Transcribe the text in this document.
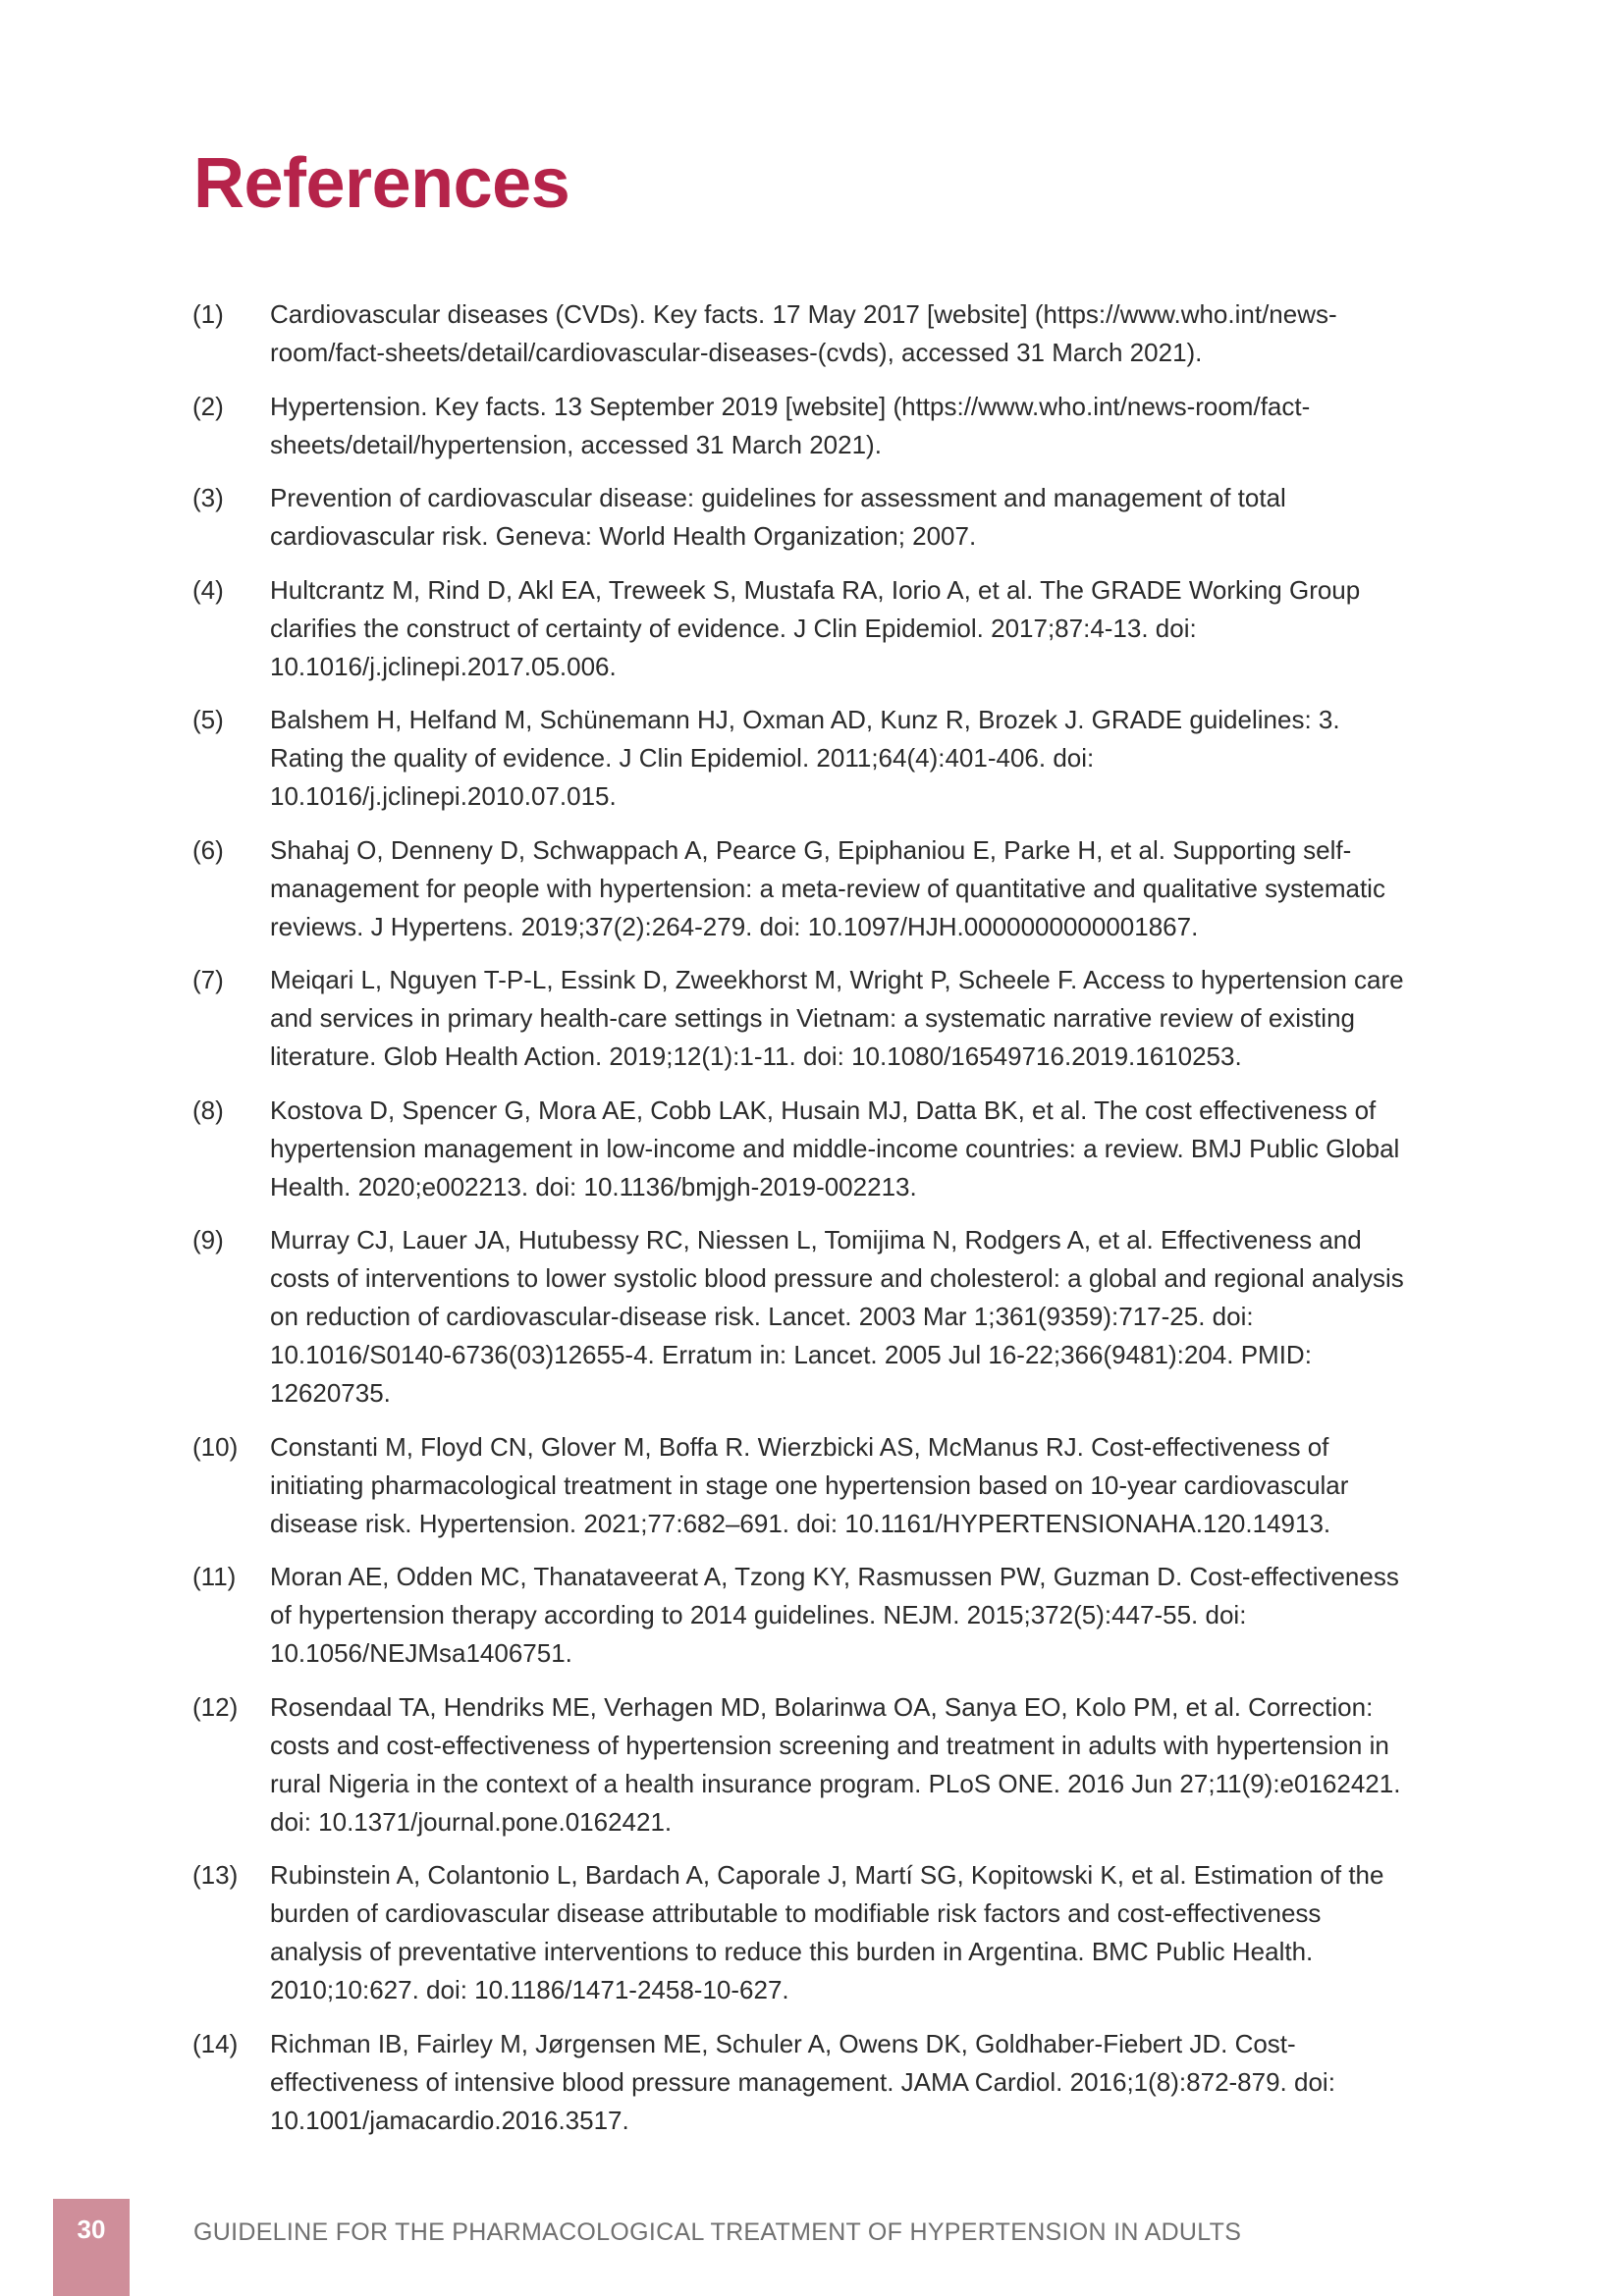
References
(1)	Cardiovascular diseases (CVDs). Key facts. 17 May 2017 [website] (https://www.who.int/news-room/fact-sheets/detail/cardiovascular-diseases-(cvds), accessed 31 March 2021).
(2)	Hypertension. Key facts. 13 September 2019 [website] (https://www.who.int/news-room/fact-sheets/detail/hypertension, accessed 31 March 2021).
(3)	Prevention of cardiovascular disease: guidelines for assessment and management of total cardiovascular risk. Geneva: World Health Organization; 2007.
(4)	Hultcrantz M, Rind D, Akl EA, Treweek S, Mustafa RA, Iorio A, et al. The GRADE Working Group clarifies the construct of certainty of evidence. J Clin Epidemiol. 2017;87:4-13. doi: 10.1016/j.jclinepi.2017.05.006.
(5)	Balshem H, Helfand M, Schünemann HJ, Oxman AD, Kunz R, Brozek J. GRADE guidelines: 3. Rating the quality of evidence. J Clin Epidemiol. 2011;64(4):401-406. doi: 10.1016/j.jclinepi.2010.07.015.
(6)	Shahaj O, Denneny D, Schwappach A, Pearce G, Epiphaniou E, Parke H, et al. Supporting self-management for people with hypertension: a meta-review of quantitative and qualitative systematic reviews. J Hypertens. 2019;37(2):264-279. doi: 10.1097/HJH.0000000000001867.
(7)	Meiqari L, Nguyen T-P-L, Essink D, Zweekhorst M, Wright P, Scheele F. Access to hypertension care and services in primary health-care settings in Vietnam: a systematic narrative review of existing literature. Glob Health Action. 2019;12(1):1-11. doi: 10.1080/16549716.2019.1610253.
(8)	Kostova D, Spencer G, Mora AE, Cobb LAK, Husain MJ, Datta BK, et al. The cost effectiveness of hypertension management in low-income and middle-income countries: a review. BMJ Public Global Health. 2020;e002213. doi: 10.1136/bmjgh-2019-002213.
(9)	Murray CJ, Lauer JA, Hutubessy RC, Niessen L, Tomijima N, Rodgers A, et al. Effectiveness and costs of interventions to lower systolic blood pressure and cholesterol: a global and regional analysis on reduction of cardiovascular-disease risk. Lancet. 2003 Mar 1;361(9359):717-25. doi: 10.1016/S0140-6736(03)12655-4. Erratum in: Lancet. 2005 Jul 16-22;366(9481):204. PMID: 12620735.
(10)	Constanti M, Floyd CN, Glover M, Boffa R. Wierzbicki AS, McManus RJ. Cost-effectiveness of initiating pharmacological treatment in stage one hypertension based on 10-year cardiovascular disease risk. Hypertension. 2021;77:682–691. doi: 10.1161/HYPERTENSIONAHA.120.14913.
(11)	Moran AE, Odden MC, Thanataveerat A, Tzong KY, Rasmussen PW, Guzman D. Cost-effectiveness of hypertension therapy according to 2014 guidelines. NEJM. 2015;372(5):447-55. doi: 10.1056/NEJMsa1406751.
(12)	Rosendaal TA, Hendriks ME, Verhagen MD, Bolarinwa OA, Sanya EO, Kolo PM, et al. Correction: costs and cost-effectiveness of hypertension screening and treatment in adults with hypertension in rural Nigeria in the context of a health insurance program. PLoS ONE. 2016 Jun 27;11(9):e0162421. doi: 10.1371/journal.pone.0162421.
(13)	Rubinstein A, Colantonio L, Bardach A, Caporale J, Martí SG, Kopitowski K, et al. Estimation of the burden of cardiovascular disease attributable to modifiable risk factors and cost-effectiveness analysis of preventative interventions to reduce this burden in Argentina. BMC Public Health. 2010;10:627. doi: 10.1186/1471-2458-10-627.
(14)	Richman IB, Fairley M, Jørgensen ME, Schuler A, Owens DK, Goldhaber-Fiebert JD. Cost-effectiveness of intensive blood pressure management. JAMA Cardiol. 2016;1(8):872-879. doi: 10.1001/jamacardio.2016.3517.
30	GUIDELINE FOR THE PHARMACOLOGICAL TREATMENT OF HYPERTENSION IN ADULTS
